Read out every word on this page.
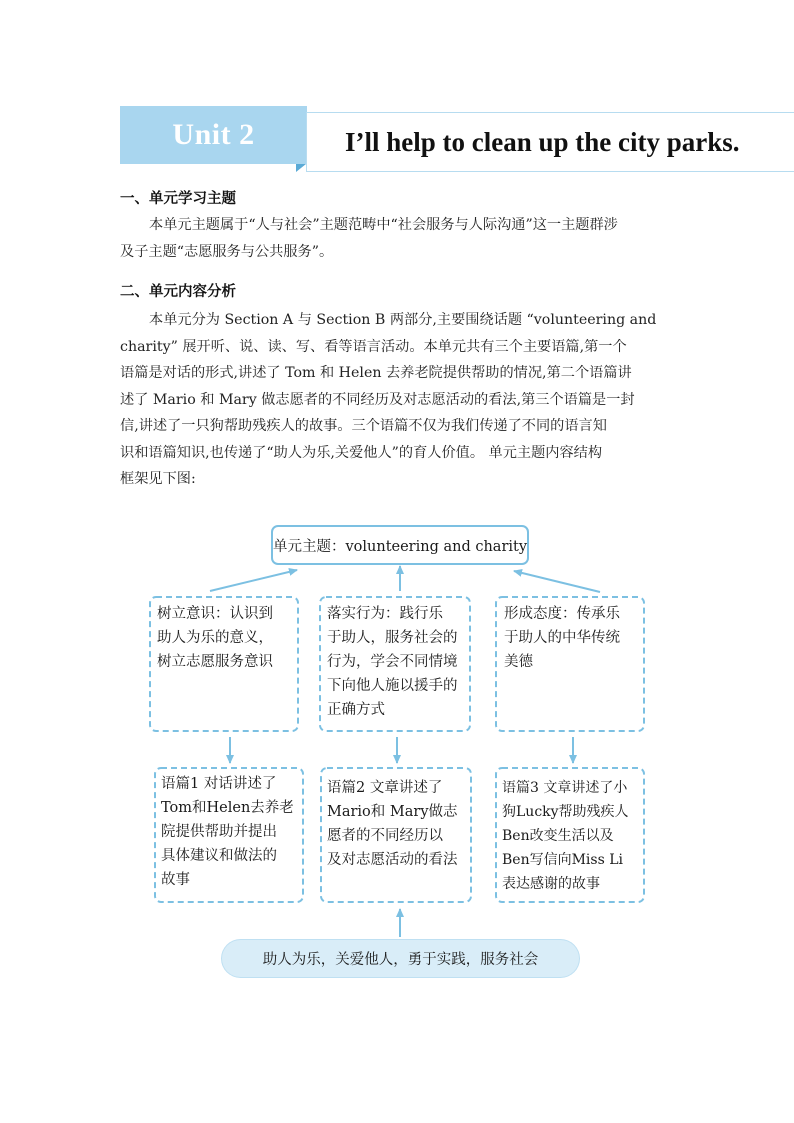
Unit 2	I’ll help to clean up the city parks.
一、单元学习主题
本单元主题属于“人与社会”主题范畴中“社会服务与人际沟通”这一主题群涉
及子主题“志愿服务与公共服务”。
二、单元内容分析
本单元分为 Section A 与 Section B 两部分,主要围绕话题 “volunteering and
charity” 展开听、说、读、写、看等语言活动。本单元共有三个主要语篇,第一个
语篇是对话的形式,讲述了 Tom 和 Helen 去养老院提供帮助的情况,第二个语篇讲
述了 Mario 和 Mary 做志愿者的不同经历及对志愿活动的看法,第三个语篇是一封
信,讲述了一只狗帮助残疾人的故事。三个语篇不仅为我们传递了不同的语言知
识和语篇知识,也传递了“助人为乐,关爱他人”的育人价值。 单元主题内容结构
框架见下图:
单元主题：volunteering and charity
树立意识：认识到
助人为乐的意义，
树立志愿服务意识
落实行为：践行乐
于助人，服务社会的
行为，学会不同情境
下向他人施以援手的
正确方式
形成态度：传承乐
于助人的中华传统
美德
语篇1 对话讲述了
Tom和Helen去养老
院提供帮助并提出
具体建议和做法的
故事
语篇2 文章讲述了
Mario和 Mary做志
愿者的不同经历以
及对志愿活动的看法
语篇3 文章讲述了小
狗Lucky帮助残疾人
Ben改变生活以及
Ben写信向Miss Li
表达感谢的故事
助人为乐，关爱他人，勇于实践，服务社会
